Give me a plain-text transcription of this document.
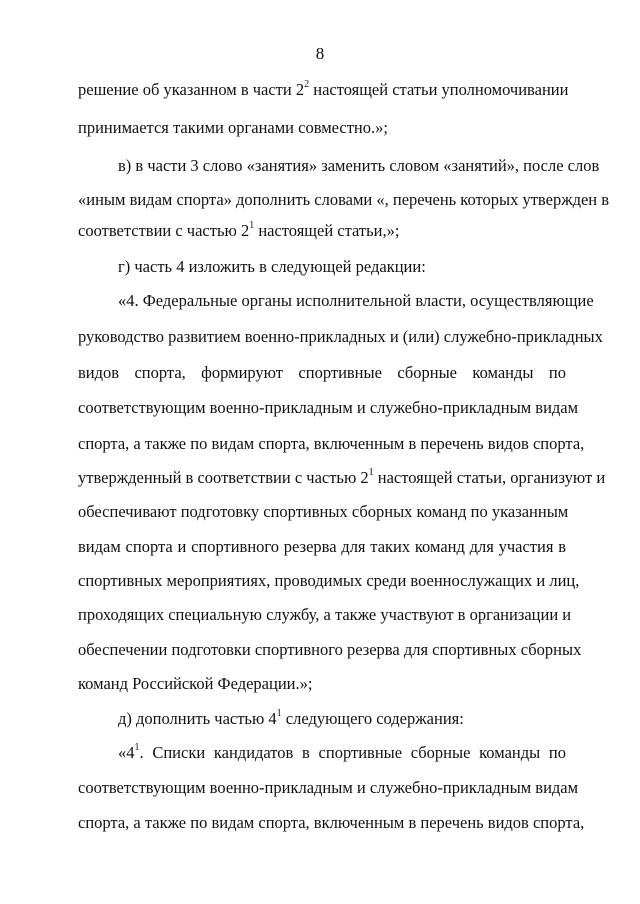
8
решение об указанном в части $2^2$ настоящей статьи уполномочивании
принимается такими органами совместно.»;
в) в части 3 слово «занятия» заменить словом «занятий», после слов
«иным видам спорта» дополнить словами «, перечень которых утвержден в
соответствии с частью $2^1$ настоящей статьи,»;
г) часть 4 изложить в следующей редакции:
«4. Федеральные органы исполнительной власти, осуществляющие
руководство развитием военно-прикладных и (или) служебно-прикладных
видов спорта, формируют спортивные сборные команды по
соответствующим военно-прикладным и служебно-прикладным видам
спорта, а также по видам спорта, включенным в перечень видов спорта,
утвержденный в соответствии с частью $2^1$ настоящей статьи, организуют и
обеспечивают подготовку спортивных сборных команд по указанным
видам спорта и спортивного резерва для таких команд для участия в
спортивных мероприятиях, проводимых среди военнослужащих и лиц,
проходящих специальную службу, а также участвуют в организации и
обеспечении подготовки спортивного резерва для спортивных сборных
команд Российской Федерации.»;
д) дополнить частью $4^1$ следующего содержания:
«$4^1$. Списки кандидатов в спортивные сборные команды по
соответствующим военно-прикладным и служебно-прикладным видам
спорта, а также по видам спорта, включенным в перечень видов спорта,
